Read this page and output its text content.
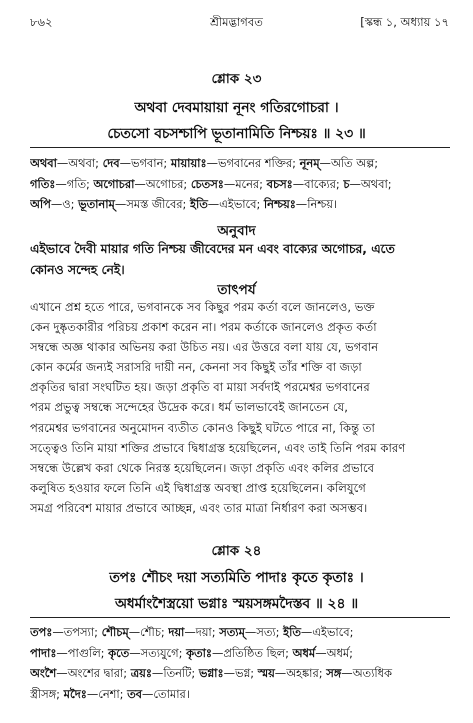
৮৬২	শ্রীমদ্ভাগবত	[স্কন্ধ ১, অধ্যায় ১৭
শ্লোক ২৩
অথবা দেবমায়ায়া নূনং গতিরগোচরা ।
চেতসো বচসশ্চাপি ভূতানামিতি নিশ্চয়ঃ ॥ ২৩ ॥
অথবা—অথবা; দেব—ভগবান; মায়ায়াঃ—ভগবানের শক্তির; নূনম্—অতি অল্প;
গতিঃ—গতি; অগোচরা—অগোচর; চেতসঃ—মনের; বচসঃ—বাক্যের; চ—অথবা;
অপি—ও; ভূতানাম্—সমস্ত জীবের; ইতি—এইভাবে; নিশ্চয়ঃ—নিশ্চয়।
অনুবাদ
এইভাবে দৈবী মায়ার গতি নিশ্চয় জীবেদের মন এবং বাক্যের অগোচর, এতে
কোনও সন্দেহ নেই।
তাৎপর্য
এখানে প্রশ্ন হতে পারে, ভগবানকে সব কিছুর পরম কর্তা বলে জানলেও, ভক্ত
কেন দুষ্কৃতকারীর পরিচয় প্রকাশ করেন না। পরম কর্তাকে জানলেও প্রকৃত কর্তা
সম্বন্ধে অজ্ঞ থাকার অভিনয় করা উচিত নয়। এর উত্তরে বলা যায় যে, ভগবান
কোন কর্মের জন্যই সরাসরি দায়ী নন, কেননা সব কিছুই তাঁর শক্তি বা জড়া
প্রকৃতির দ্বারা সংঘটিত হয়। জড়া প্রকৃতি বা মায়া সর্বদাই পরমেশ্বর ভগবানের
পরম প্রভুত্ব সম্বন্ধে সন্দেহের উদ্রেক করে। ধর্ম ভালভাবেই জানতেন যে,
পরমেশ্বর ভগবানের অনুমোদন ব্যতীত কোনও কিছুই ঘটতে পারে না, কিন্তু তা
সত্ত্বেও তিনি মায়া শক্তির প্রভাবে দ্বিধাগ্রস্ত হয়েছিলেন, এবং তাই তিনি পরম কারণ
সম্বন্ধে উল্লেখ করা থেকে নিরস্ত হয়েছিলেন। জড়া প্রকৃতি এবং কলির প্রভাবে
কলুষিত হওয়ার ফলে তিনি এই দ্বিধাগ্রস্ত অবস্থা প্রাপ্ত হয়েছিলেন। কলিযুগে
সমগ্র পরিবেশ মায়ার প্রভাবে আচ্ছন্ন, এবং তার মাত্রা নির্ধারণ করা অসম্ভব।
শ্লোক ২৪
তপঃ শৌচং দয়া সত্যমিতি পাদাঃ কৃতে কৃতাঃ ।
অধর্মাংশৈস্ত্রয়ো ভগ্নাঃ স্ময়সঙ্গমদৈস্তব ॥ ২৪ ॥
তপঃ—তপস্যা; শৌচম্—শৌচ; দয়া—দয়া; সত্যম্—সত্য; ইতি—এইভাবে;
পাদাঃ—পাগুলি; কৃতে—সত্যযুগে; কৃতাঃ—প্রতিষ্ঠিত ছিল; অধর্ম—অধর্ম;
অংশৈ—অংশের দ্বারা; ত্রয়ঃ—তিনটি; ভগ্নাঃ—ভগ্ন; স্ময়—অহঙ্কার; সঙ্গ—অত্যধিক
স্ত্রীসঙ্গ; মদৈঃ—নেশা; তব—তোমার।
